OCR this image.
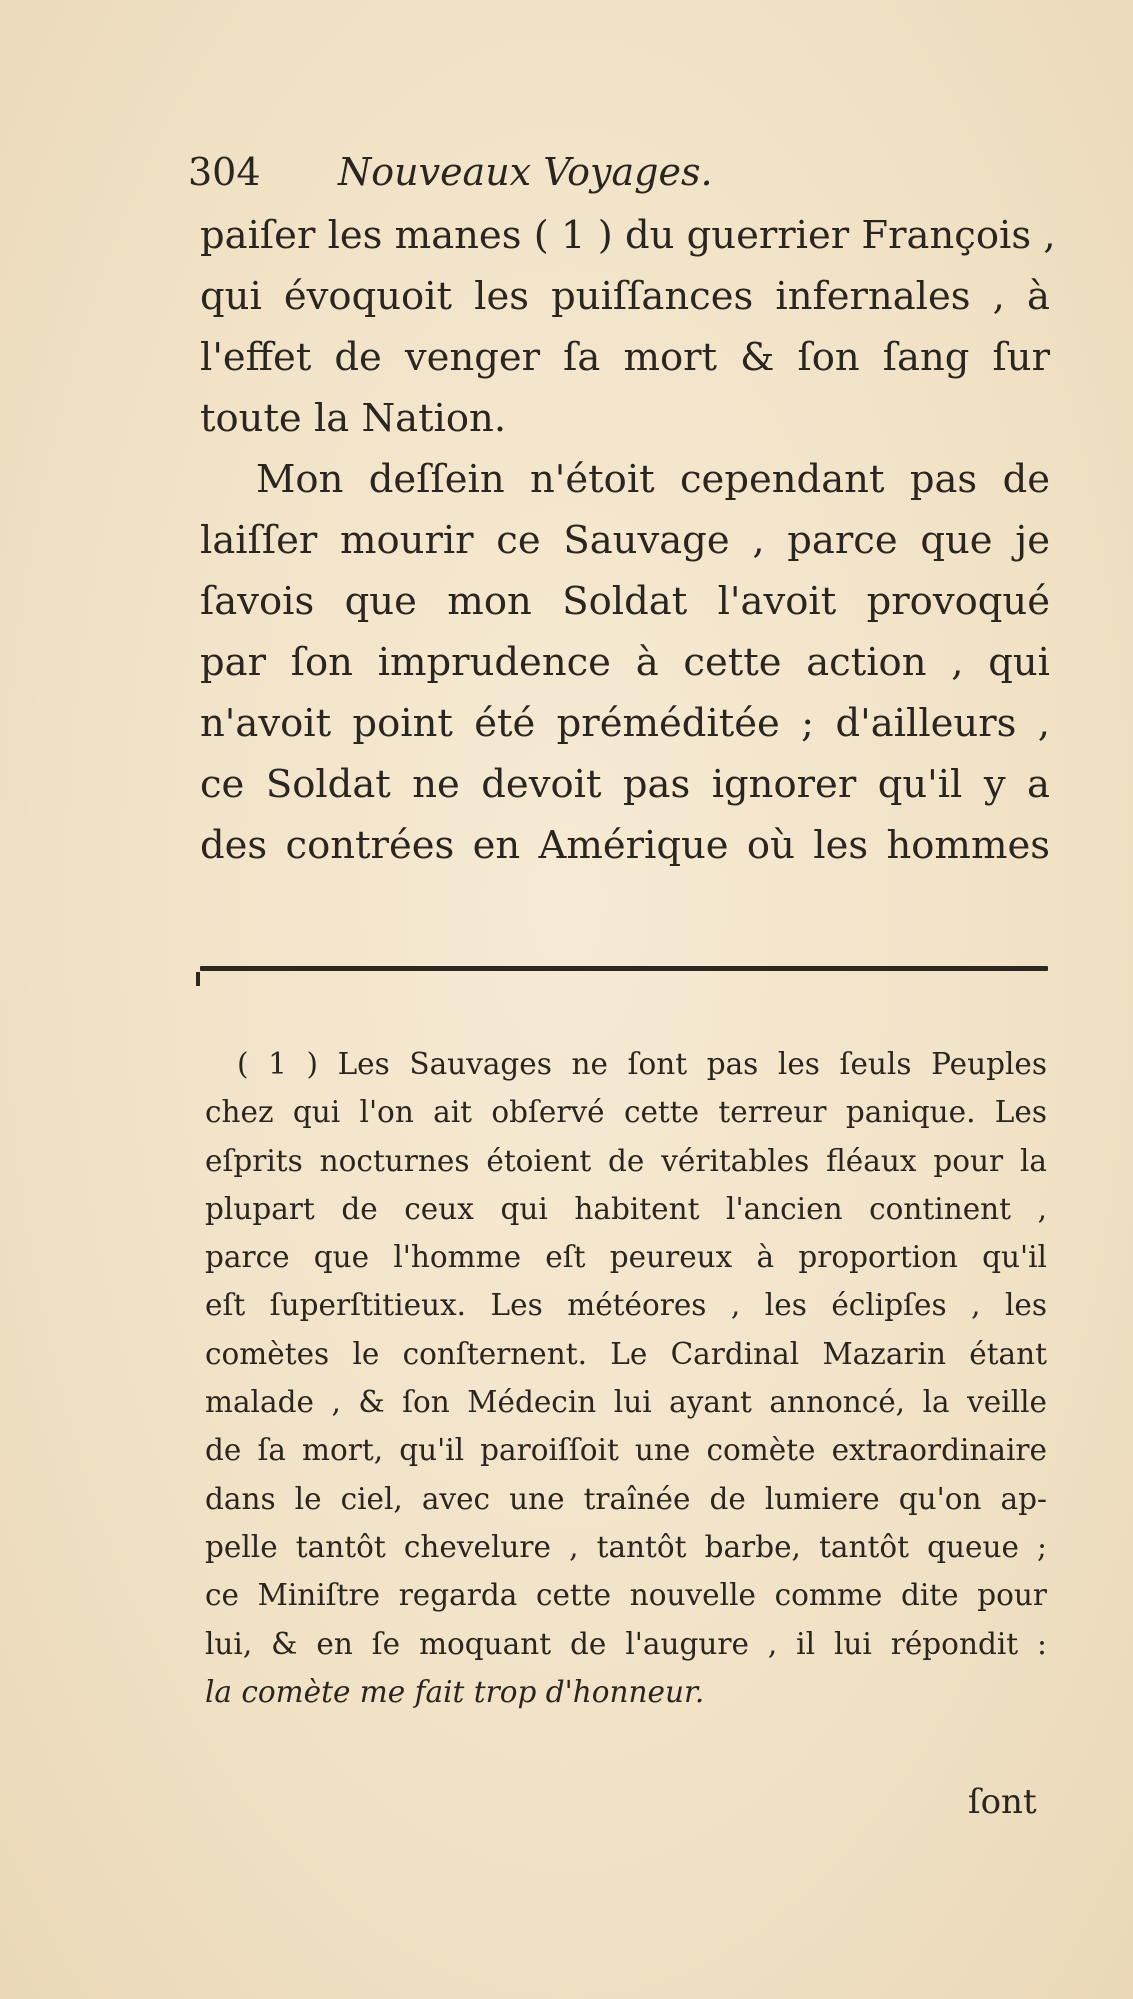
304 Nouveaux Voyages.
paiſer les manes ( 1 ) du guerrier François ,
qui évoquoit les puiſſances infernales , à
l'effet de venger ſa mort & ſon ſang ſur
toute la Nation.
Mon deſſein n'étoit cependant pas de
laiſſer mourir ce Sauvage , parce que je
ſavois que mon Soldat l'avoit provoqué
par ſon imprudence à cette action , qui
n'avoit point été préméditée ; d'ailleurs ,
ce Soldat ne devoit pas ignorer qu'il y a
des contrées en Amérique où les hommes
( 1 ) Les Sauvages ne ſont pas les ſeuls Peuples
chez qui l'on ait obſervé cette terreur panique. Les
eſprits nocturnes étoient de véritables fléaux pour la
plupart de ceux qui habitent l'ancien continent ,
parce que l'homme eſt peureux à proportion qu'il
eſt ſuperſtitieux. Les météores , les éclipſes , les
comètes le conſternent. Le Cardinal Mazarin étant
malade , & ſon Médecin lui ayant annoncé, la veille
de ſa mort, qu'il paroiſſoit une comète extraordinaire
dans le ciel, avec une traînée de lumiere qu'on ap-
pelle tantôt chevelure , tantôt barbe, tantôt queue ;
ce Miniſtre regarda cette nouvelle comme dite pour
lui, & en ſe moquant de l'augure , il lui répondit :
la comète me fait trop d'honneur.
ſont
